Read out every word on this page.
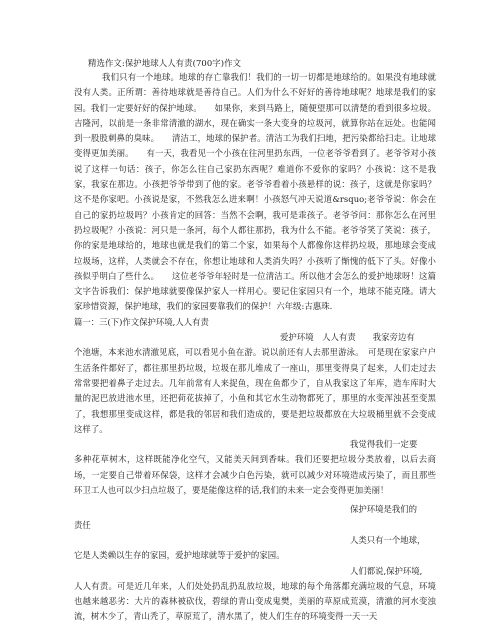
精选作文:保护地球人人有责(700字)作文

我们只有一个地球。地球的存亡靠我们！我们的一切一切都是地球给的。如果没有地球就没有人类。正所谓：善待地球就是善待自己。人们为什么不好好的善待地球呢？地球是我们的家园。我们一定要好好的保护地球。　　如果你，来到马路上，随便望那可以清楚的看到很多垃圾。吉隆河，以前是一条非常清澈的湖水，现在确实一条大变身的垃圾河，就算你站在远处。也能闻到一股股刺鼻的臭味。　　清洁工，地球的保护者。清洁工为我们扫地，把污染都给扫走。让地球变得更加美丽。　　有一天，我看见一个小孩在往河里扔东西，一位老爷爷看到了。老爷爷对小孩说了这样一句话：孩子，你怎么往自己家扔东西呢？难道你不爱你的家吗？小孩说：这不是我家，我家在那边。小孩把爷爷带到了他的家。老爷爷看着小孩悬样的说：孩子，这就是你家吗？这不是你家吧。小孩说是家，不然我怎么进来啊！小孩怒气冲天说道&rsquo;老爷爷说：你会在自己的家扔垃圾吗？小孩肯定的回答：当然不会啊，我可是乖孩子。老爷爷问：那你怎么在河里扔垃圾呢？小孩说：河只是一条河，每个人都往那扔，我为什么不能。老爷爷笑了笑说：孩子，你的家是地球给的，地球也就是我们的第二个家，如果每个人都像你这样扔垃圾，那地球会变成垃圾场，这样，人类就会不存在，你想让地球和人类消失吗？小孩听了惭愧的低下了头。好像小孩似乎明白了些什么。　　这位老爷爷年轻时是一位清洁工。所以他才会怎么的爱护地球呀！这篇文字告诉我们：保护地球就要像保护家人一样用心。要记住家园只有一个，地球不能克隆。请大家珍惜资源，保护地球，我们的家园要靠我们的保护！六年级:古惠珠.

篇一：三(下)作文保护环境,人人有责

爱护环境　人人有责　　我家旁边有

个池塘，本来池水清澈见底，可以看见小鱼在游。说以前还有人去那里游泳。　可是现在家家户户生活条件都好了，都往那里扔垃圾，垃圾在那儿堆成了一座山，那里变得臭了起来，人们走过去常常要把着鼻子走过去。几年前常有人来捉鱼，现在鱼都少了，自从我家这了年库，造车库时大量的泥巴放进池水里，还把荷花拔掉了，小鱼和其它水生动物都死了，那里的水变浑浊甚至变黑了，我想那里变成这样，都是我的邻居和我们造成的，要是把垃圾都放在大垃圾桶里就不会变成这样了。

我觉得我们一定要

多种花草树木，这样既能净化空气，又能美天间到香味。我们还要把垃圾分类放着，以后去商场，一定要自己带着环保袋，这样才会减少白色污染，就可以减少对环境造成污染了，而且那些环卫工人也可以少扫点垃圾了，要是能像这样的话,我们的未来一定会变得更加美丽！

保护环境是我们的

责任

人类只有一个地球，

它是人类赖以生存的家园，爱护地球就等于爱护的家园。

人们都说,保护环境,

人人有责。可是近几年来，人们处处扔乱扔乱放垃圾，地球的每个角落都充满垃圾的气息，环境也越来越恶劣：大片的森林被砍伐，碧绿的青山变成鬼樊，美丽的草原成荒漠，清澈的河水变浊流，树木少了，青山秃了，草原荒了，清水黑了，使人们生存的环境变得一天一天
